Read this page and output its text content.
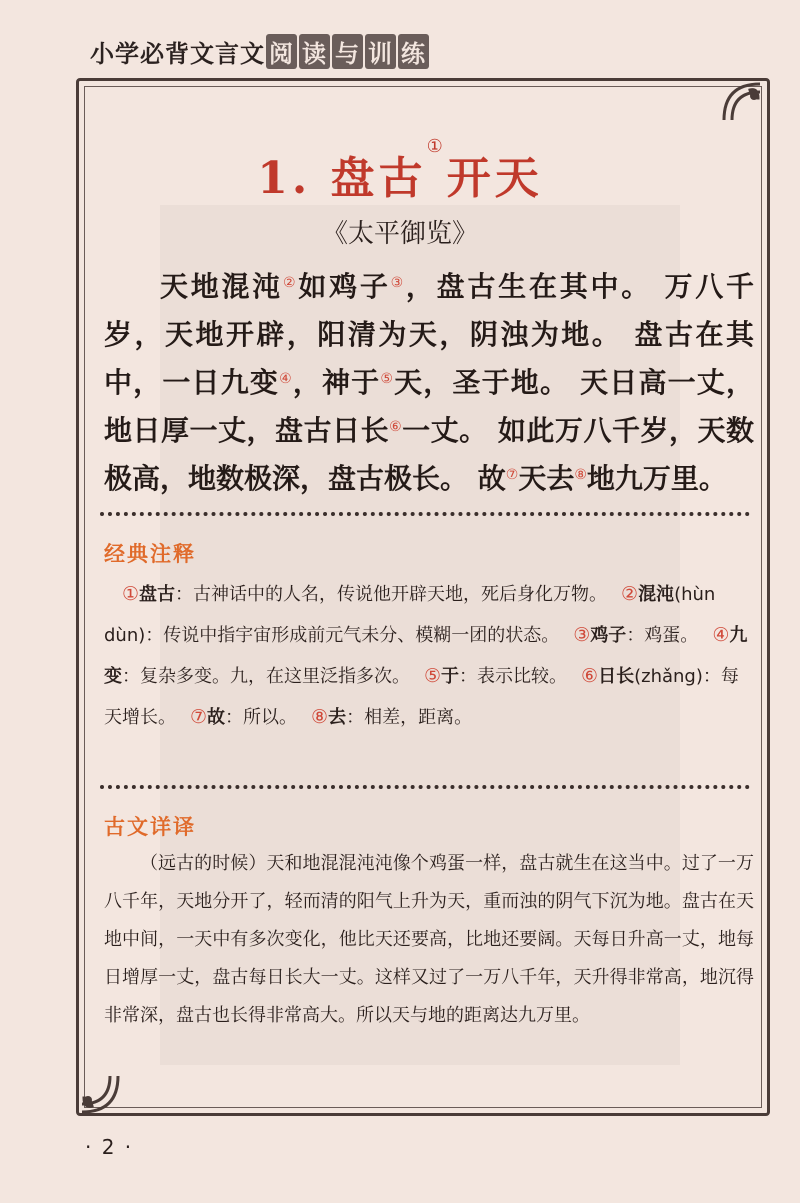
小学必背文言文 阅 读 与 训 练
1. 盘古①开天
《太平御览》

天地混沌②如鸡子③，盘古生在其中。 万八千岁，天地开辟，阳清为天，阴浊为地。 盘古在其中，一日九变④，神于⑤天，圣于地。 天日高一丈，地日厚一丈，盘古日长⑥一丈。 如此万八千岁，天数极高，地数极深，盘古极长。 故⑦天去⑧地九万里。

经典注释
①盘古：古神话中的人名，传说他开辟天地，死后身化万物。 ②混沌(hùn dùn)：传说中指宇宙形成前元气未分、模糊一团的状态。 ③鸡子：鸡蛋。 ④九变：复杂多变。九，在这里泛指多次。 ⑤于：表示比较。 ⑥日长(zhǎng)：每天增长。 ⑦故：所以。 ⑧去：相差，距离。
古文详译

（远古的时候）天和地混混沌沌像个鸡蛋一样，盘古就生在这当中。过了一万八千年，天地分开了，轻而清的阳气上升为天，重而浊的阴气下沉为地。盘古在天地中间，一天中有多次变化，他比天还要高，比地还要阔。天每日升高一丈，地每日增厚一丈，盘古每日长大一丈。这样又过了一万八千年，天升得非常高，地沉得非常深，盘古也长得非常高大。所以天与地的距离达九万里。

· 2 ·
